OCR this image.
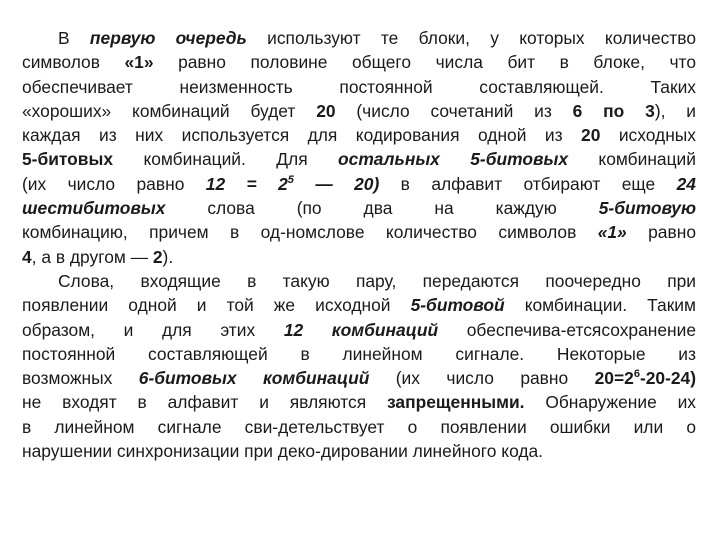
В первую очередь используют те блоки, у которых количество
символов «1» равно половине общего числа бит в блоке, что
обеспечивает неизменность постоянной составляющей. Таких
«хороших» комбинаций будет 20 (число сочетаний из 6 по 3), и
каждая из них используется для кодирования одной из 20 исходных
5-битовых комбинаций. Для остальных 5-битовых комбинаций
(их число равно $12 = 2^5$ — 20) в алфавит отбирают еще 24
шестибитовых слова (по два на каждую 5-битовую
комбинацию, причем в од-номслове количество символов «1» равно
4, а в другом — 2).
Слова, входящие в такую пару, передаются поочередно при
появлении одной и той же исходной 5-битовой комбинации. Таким
образом, и для этих 12 комбинаций обеспечива-етсясохранение
постоянной составляющей в линейном сигнале. Некоторые из
возможных 6-битовых комбинаций (их число равно $20=2^6-20-24$)
не входят в алфавит и являются запрещенными. Обнаружение их
в линейном сигнале сви-детельствует о появлении ошибки или о
нарушении синхронизации при деко-дировании линейного кода.
